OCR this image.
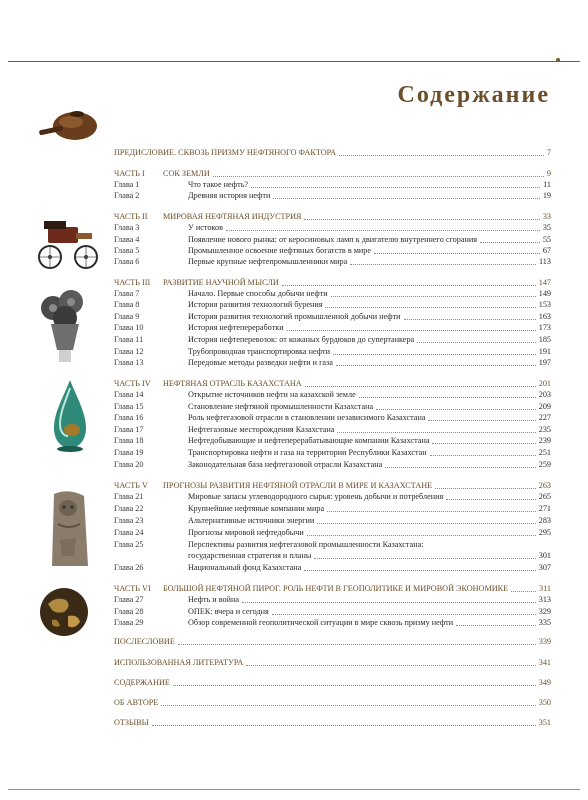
Содержание
ПРЕДИСЛОВИЕ. СКВОЗЬ ПРИЗМУ НЕФТЯНОГО ФАКТОРА	7
ЧАСТЬ I СОК ЗЕМЛИ	9
Глава 1	Что такое нефть?	11
Глава 2	Древняя история нефти	19
ЧАСТЬ II МИРОВАЯ НЕФТЯНАЯ ИНДУСТРИЯ	33
Глава 3	У истоков	35
Глава 4	Появление нового рынка: от керосиновых ламп к двигателю внутреннего сгорания	55
Глава 5	Промышленное освоение нефтяных богатств в мире	67
Глава 6	Первые крупные нефтепромышленники мира	113
ЧАСТЬ III РАЗВИТИЕ НАУЧНОЙ МЫСЛИ	147
Глава 7	Начало. Первые способы добычи нефти	149
Глава 8	История развития технологий бурения	153
Глава 9	История развития технологий промышленной добычи нефти	163
Глава 10	История нефтепереработки	173
Глава 11	История нефтеперевозок: от кожаных бурдюков до супертанкера	185
Глава 12	Трубопроводная транспортировка нефти	191
Глава 13	Передовые методы разведки нефти и газа	197
ЧАСТЬ IV НЕФТЯНАЯ ОТРАСЛЬ КАЗАХСТАНА	201
Глава 14	Открытие источников нефти на казахской земле	203
Глава 15	Становление нефтяной промышленности Казахстана	209
Глава 16	Роль нефтегазовой отрасли в становлении независимого Казахстана	227
Глава 17	Нефтегазовые месторождения Казахстана	235
Глава 18	Нефтедобывающие и нефтеперерабатывающие компании Казахстана	239
Глава 19	Транспортировка нефти и газа на территории Республики Казахстан	251
Глава 20	Законодательная база нефтегазовой отрасли Казахстана	259
ЧАСТЬ V ПРОГНОЗЫ РАЗВИТИЯ НЕФТЯНОЙ ОТРАСЛИ В МИРЕ И КАЗАХСТАНЕ	263
Глава 21	Мировые запасы углеводородного сырья: уровень добычи и потребления	265
Глава 22	Крупнейшие нефтяные компании мира	271
Глава 23	Альтернативные источники энергии	283
Глава 24	Прогнозы мировой нефтедобычи	295
Глава 25	Перспективы развития нефтегазовой промышленности Казахстана:
государственная стратегия и планы	301
Глава 26	Национальный фонд Казахстана	307
ЧАСТЬ VI БОЛЬШОЙ НЕФТЯНОЙ ПИРОГ. РОЛЬ НЕФТИ В ГЕОПОЛИТИКЕ И МИРОВОЙ ЭКОНОМИКЕ	311
Глава 27	Нефть и война	313
Глава 28	ОПЕК: вчера и сегодня	329
Глава 29	Обзор современной геополитической ситуации в мире сквозь призму нефти	335
ПОСЛЕСЛОВИЕ	339
ИСПОЛЬЗОВАННАЯ ЛИТЕРАТУРА	341
СОДЕРЖАНИЕ	349
ОБ АВТОРЕ	350
ОТЗЫВЫ	351
